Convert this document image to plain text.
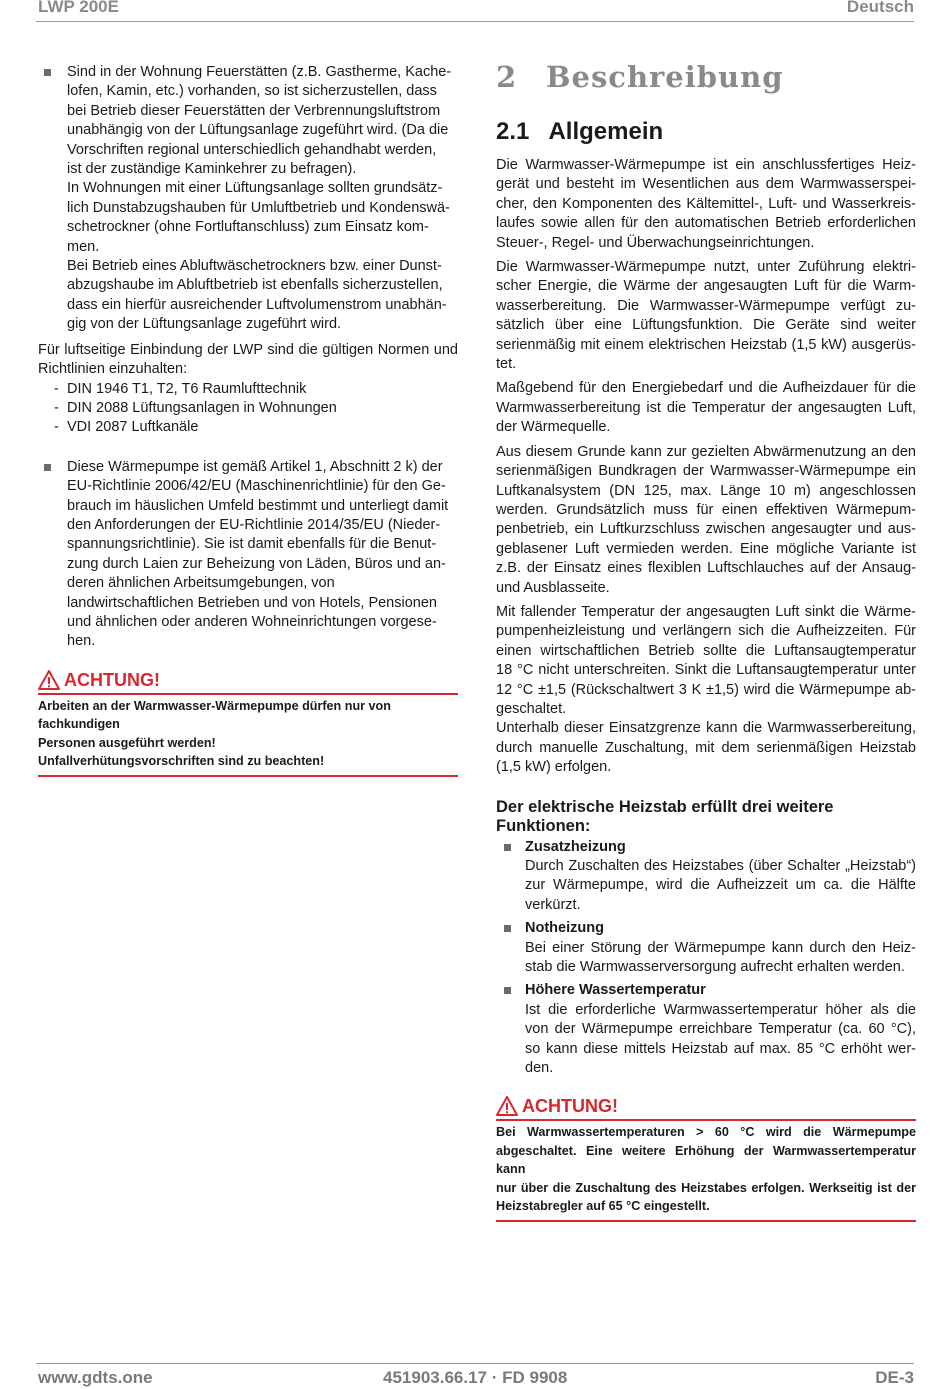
LWP 200E	Deutsch
Sind in der Wohnung Feuerstätten (z.B. Gastherme, Kache-
lofen, Kamin, etc.) vorhanden, so ist sicherzustellen, dass
bei Betrieb dieser Feuerstätten der Verbrennungsluftstrom
unabhängig von der Lüftungsanlage zugeführt wird. (Da die
Vorschriften regional unterschiedlich gehandhabt werden,
ist der zuständige Kaminkehrer zu befragen).
In Wohnungen mit einer Lüftungsanlage sollten grundsätz-
lich Dunstabzugshauben für Umluftbetrieb und Kondenswä-
schetrockner (ohne Fortluftanschluss) zum Einsatz kom-
men.
Bei Betrieb eines Abluftwäschetrockners bzw. einer Dunst-
abzugshaube im Abluftbetrieb ist ebenfalls sicherzustellen,
dass ein hierfür ausreichender Luftvolumenstrom unabhän-
gig von der Lüftungsanlage zugeführt wird.
Für luftseitige Einbindung der LWP sind die gültigen Normen und
Richtlinien einzuhalten:
- DIN 1946 T1, T2, T6 Raumlufttechnik
- DIN 2088 Lüftungsanlagen in Wohnungen
- VDI 2087 Luftkanäle
Diese Wärmepumpe ist gemäß Artikel 1, Abschnitt 2 k) der
EU-Richtlinie 2006/42/EU (Maschinenrichtlinie) für den Ge-
brauch im häuslichen Umfeld bestimmt und unterliegt damit
den Anforderungen der EU-Richtlinie 2014/35/EU (Nieder-
spannungsrichtlinie). Sie ist damit ebenfalls für die Benut-
zung durch Laien zur Beheizung von Läden, Büros und an-
deren ähnlichen Arbeitsumgebungen, von
landwirtschaftlichen Betrieben und von Hotels, Pensionen
und ähnlichen oder anderen Wohneinrichtungen vorgese-
hen.
ACHTUNG!
Arbeiten an der Warmwasser-Wärmepumpe dürfen nur von fachkundigen
Personen ausgeführt werden!
Unfallverhütungsvorschriften sind zu beachten!
2 Beschreibung
2.1   Allgemein
Die Warmwasser-Wärmepumpe ist ein anschlussfertiges Heiz-
gerät und besteht im Wesentlichen aus dem Warmwasserspei-
cher, den Komponenten des Kältemittel-, Luft- und Wasserkreis-
laufes sowie allen für den automatischen Betrieb erforderlichen
Steuer-, Regel- und Überwachungseinrichtungen.
Die Warmwasser-Wärmepumpe nutzt, unter Zuführung elektri-
scher Energie, die Wärme der angesaugten Luft für die Warm-
wasserbereitung. Die Warmwasser-Wärmepumpe verfügt zu-
sätzlich über eine Lüftungsfunktion. Die Geräte sind weiter
serienmäßig mit einem elektrischen Heizstab (1,5 kW) ausgerüs-
tet.
Maßgebend für den Energiebedarf und die Aufheizdauer für die
Warmwasserbereitung ist die Temperatur der angesaugten Luft,
der Wärmequelle.
Aus diesem Grunde kann zur gezielten Abwärmenutzung an den
serienmäßigen Bundkragen der Warmwasser-Wärmepumpe ein
Luftkanalsystem (DN 125, max. Länge 10 m) angeschlossen
werden. Grundsätzlich muss für einen effektiven Wärmepum-
penbetrieb, ein Luftkurzschluss zwischen angesaugter und aus-
geblasener Luft vermieden werden. Eine mögliche Variante ist
z.B. der Einsatz eines flexiblen Luftschlauches auf der Ansaug-
und Ausblasseite.
Mit fallender Temperatur der angesaugten Luft sinkt die Wärme-
pumpenheizleistung und verlängern sich die Aufheizzeiten. Für
einen wirtschaftlichen Betrieb sollte die Luftansaugtemperatur
18 °C nicht unterschreiten. Sinkt die Luftansaugtemperatur unter
12 °C ±1,5 (Rückschaltwert 3 K ±1,5) wird die Wärmepumpe ab-
geschaltet.
Unterhalb dieser Einsatzgrenze kann die Warmwasserbereitung,
durch manuelle Zuschaltung, mit dem serienmäßigen Heizstab
(1,5 kW) erfolgen.
Der elektrische Heizstab erfüllt drei weitere
Funktionen:
Zusatzheizung
Durch Zuschalten des Heizstabes (über Schalter „Heizstab“)
zur Wärmepumpe, wird die Aufheizzeit um ca. die Hälfte
verkürzt.
Notheizung
Bei einer Störung der Wärmepumpe kann durch den Heiz-
stab die Warmwasserversorgung aufrecht erhalten werden.
Höhere Wassertemperatur
Ist die erforderliche Warmwassertemperatur höher als die
von der Wärmepumpe erreichbare Temperatur (ca. 60 °C),
so kann diese mittels Heizstab auf max. 85 °C erhöht wer-
den.
ACHTUNG!
Bei Warmwassertemperaturen > 60 °C wird die Wärmepumpe
abgeschaltet. Eine weitere Erhöhung der Warmwassertemperatur kann
nur über die Zuschaltung des Heizstabes erfolgen. Werkseitig ist der
Heizstabregler auf 65 °C eingestellt.
www.gdts.one	451903.66.17 · FD 9908	DE-3
